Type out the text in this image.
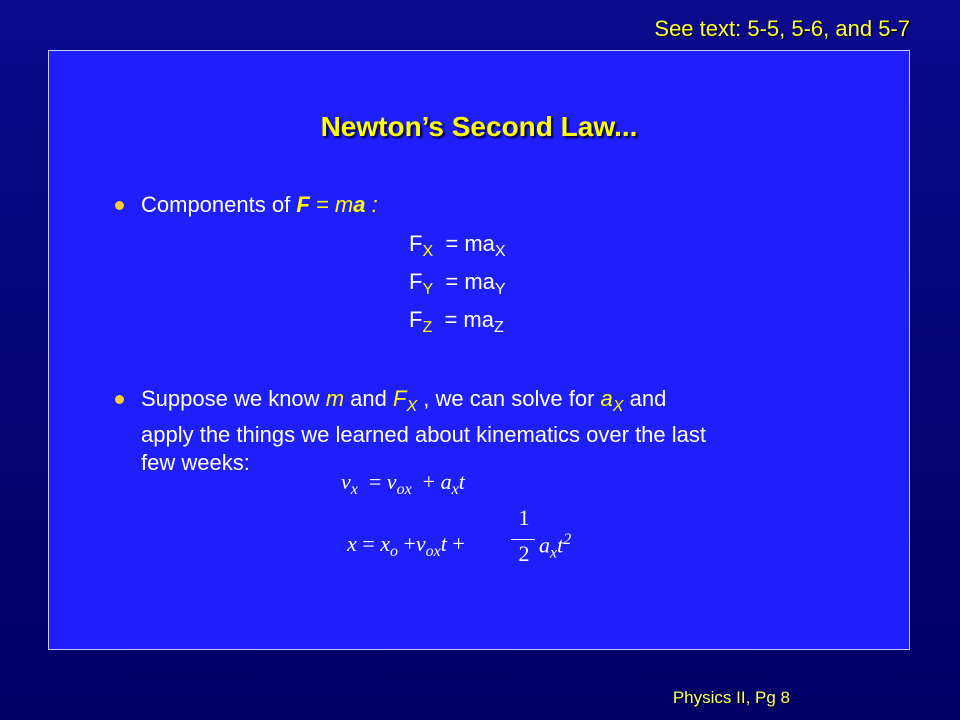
See text: 5-5, 5-6, and 5-7
Newton’s Second Law...
Components of F = ma :
$F_X = ma_X$
$F_Y = ma_Y$
$F_Z = ma_Z$
Suppose we know m and $F_X$ , we can solve for $a_X$ and
apply the things we learned about kinematics over the last
few weeks:
$v_x = v_{ox} + a_xt$
$x = x_o +v_{ox}t$ +
1
2 $a_xt^2$
Physics II, Pg 8
